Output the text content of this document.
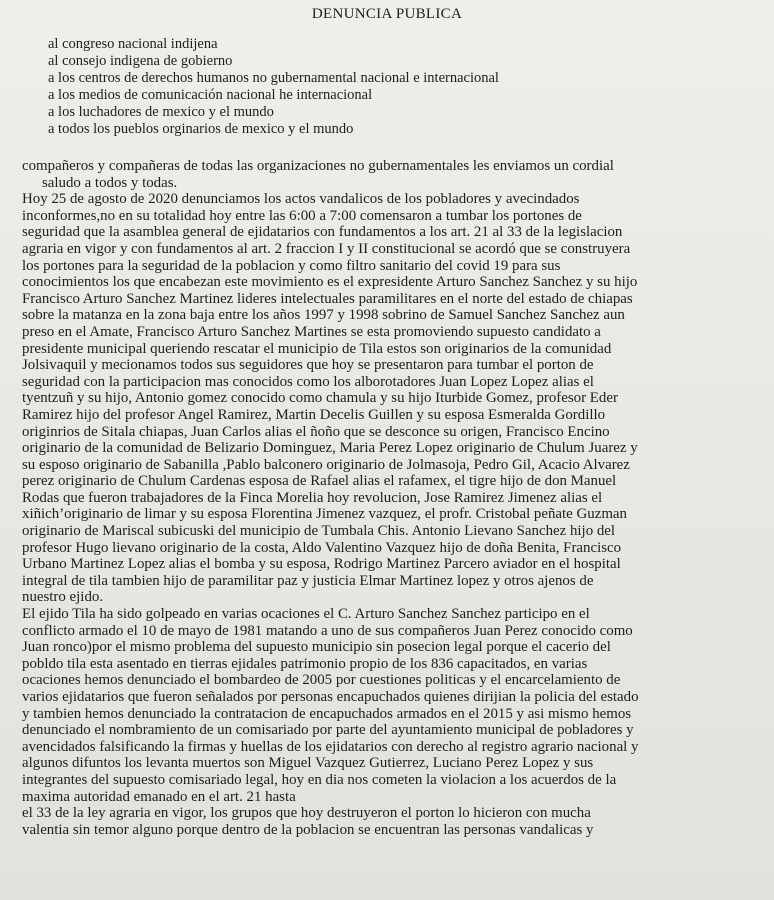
DENUNCIA PUBLICA
al congreso nacional indijena
al consejo indigena de gobierno
a los centros de derechos humanos no gubernamental nacional e internacional
a los medios de comunicación nacional he internacional
a los luchadores de mexico y el mundo
a todos los pueblos orginarios de mexico y el mundo
compañeros y compañeras de todas las organizaciones no gubernamentales les enviamos un cordial
saludo a todos y todas.
Hoy 25 de agosto de 2020 denunciamos los actos vandalicos de los pobladores y avecindados
inconformes,no en su totalidad hoy entre las 6:00 a 7:00 comensaron a tumbar los portones de
seguridad que la asamblea general de ejidatarios con fundamentos a los art. 21 al 33 de la legislacion
agraria en vigor y con fundamentos al art. 2 fraccion I y II constitucional se acordó que se construyera
los portones para la seguridad de la poblacion y como filtro sanitario del covid 19 para sus
conocimientos los que encabezan este movimiento es el expresidente Arturo Sanchez Sanchez y su hijo
Francisco Arturo Sanchez Martinez lideres intelectuales paramilitares en el norte del estado de chiapas
sobre la matanza en la zona baja entre los años 1997 y 1998 sobrino de Samuel Sanchez Sanchez aun
preso en el Amate, Francisco Arturo Sanchez Martines se esta promoviendo supuesto candidato a
presidente municipal queriendo rescatar el municipio de Tila estos son originarios de la comunidad
Jolsivaquil y mecionamos todos sus seguidores que hoy se presentaron para tumbar el porton de
seguridad con la participacion mas conocidos como los alborotadores Juan Lopez Lopez alias el
tyentzuñ y su hijo, Antonio gomez conocido como chamula y su hijo Iturbide Gomez, profesor Eder
Ramirez hijo del profesor Angel Ramirez, Martin Decelis Guillen y su esposa Esmeralda Gordillo
originrios de Sitala chiapas, Juan Carlos alias el ñoño que se desconce su origen, Francisco Encino
originario de la comunidad de Belizario Dominguez, Maria Perez Lopez originario de Chulum Juarez y
su esposo originario de Sabanilla ,Pablo balconero originario de Jolmasoja, Pedro Gil, Acacio Alvarez
perez originario de Chulum Cardenas esposa de Rafael alias el rafamex, el tigre hijo de don Manuel
Rodas que fueron trabajadores de la Finca Morelia hoy revolucion, Jose Ramirez Jimenez alias el
xiñich’originario de limar y su esposa Florentina Jimenez vazquez, el profr. Cristobal peñate Guzman
originario de Mariscal subicuski del municipio de Tumbala Chis. Antonio Lievano Sanchez hijo del
profesor Hugo lievano originario de la costa, Aldo Valentino Vazquez hijo de doña Benita, Francisco
Urbano Martinez Lopez alias el bomba y su esposa, Rodrigo Martinez Parcero aviador en el hospital
integral de tila tambien hijo de paramilitar paz y justicia Elmar Martinez lopez y otros ajenos de
nuestro ejido.
El ejido Tila ha sido golpeado en varias ocaciones el C. Arturo Sanchez Sanchez participo en el
conflicto armado el 10 de mayo de 1981 matando a uno de sus compañeros Juan Perez conocido como
Juan ronco)por el mismo problema del supuesto municipio sin posecion legal porque el cacerio del
pobldo tila esta asentado en tierras ejidales patrimonio propio de los 836 capacitados, en varias
ocaciones hemos denunciado el bombardeo de 2005 por cuestiones politicas y el encarcelamiento de
varios ejidatarios que fueron señalados por personas encapuchados quienes dirijian la policia del estado
y tambien hemos denunciado la contratacion de encapuchados armados en el 2015 y asi mismo hemos
denunciado el nombramiento de un comisariado por parte del ayuntamiento municipal de pobladores y
avencidados falsificando la firmas y huellas de los ejidatarios con derecho al registro agrario nacional y
algunos difuntos los levanta muertos son Miguel Vazquez Gutierrez, Luciano Perez Lopez y sus
integrantes del supuesto comisariado legal, hoy en dia nos cometen la violacion a los acuerdos de la
maxima autoridad emanado en el art. 21 hasta
el 33 de la ley agraria en vigor, los grupos que hoy destruyeron el porton lo hicieron con mucha
valentia sin temor alguno porque dentro de la poblacion se encuentran las personas vandalicas y
